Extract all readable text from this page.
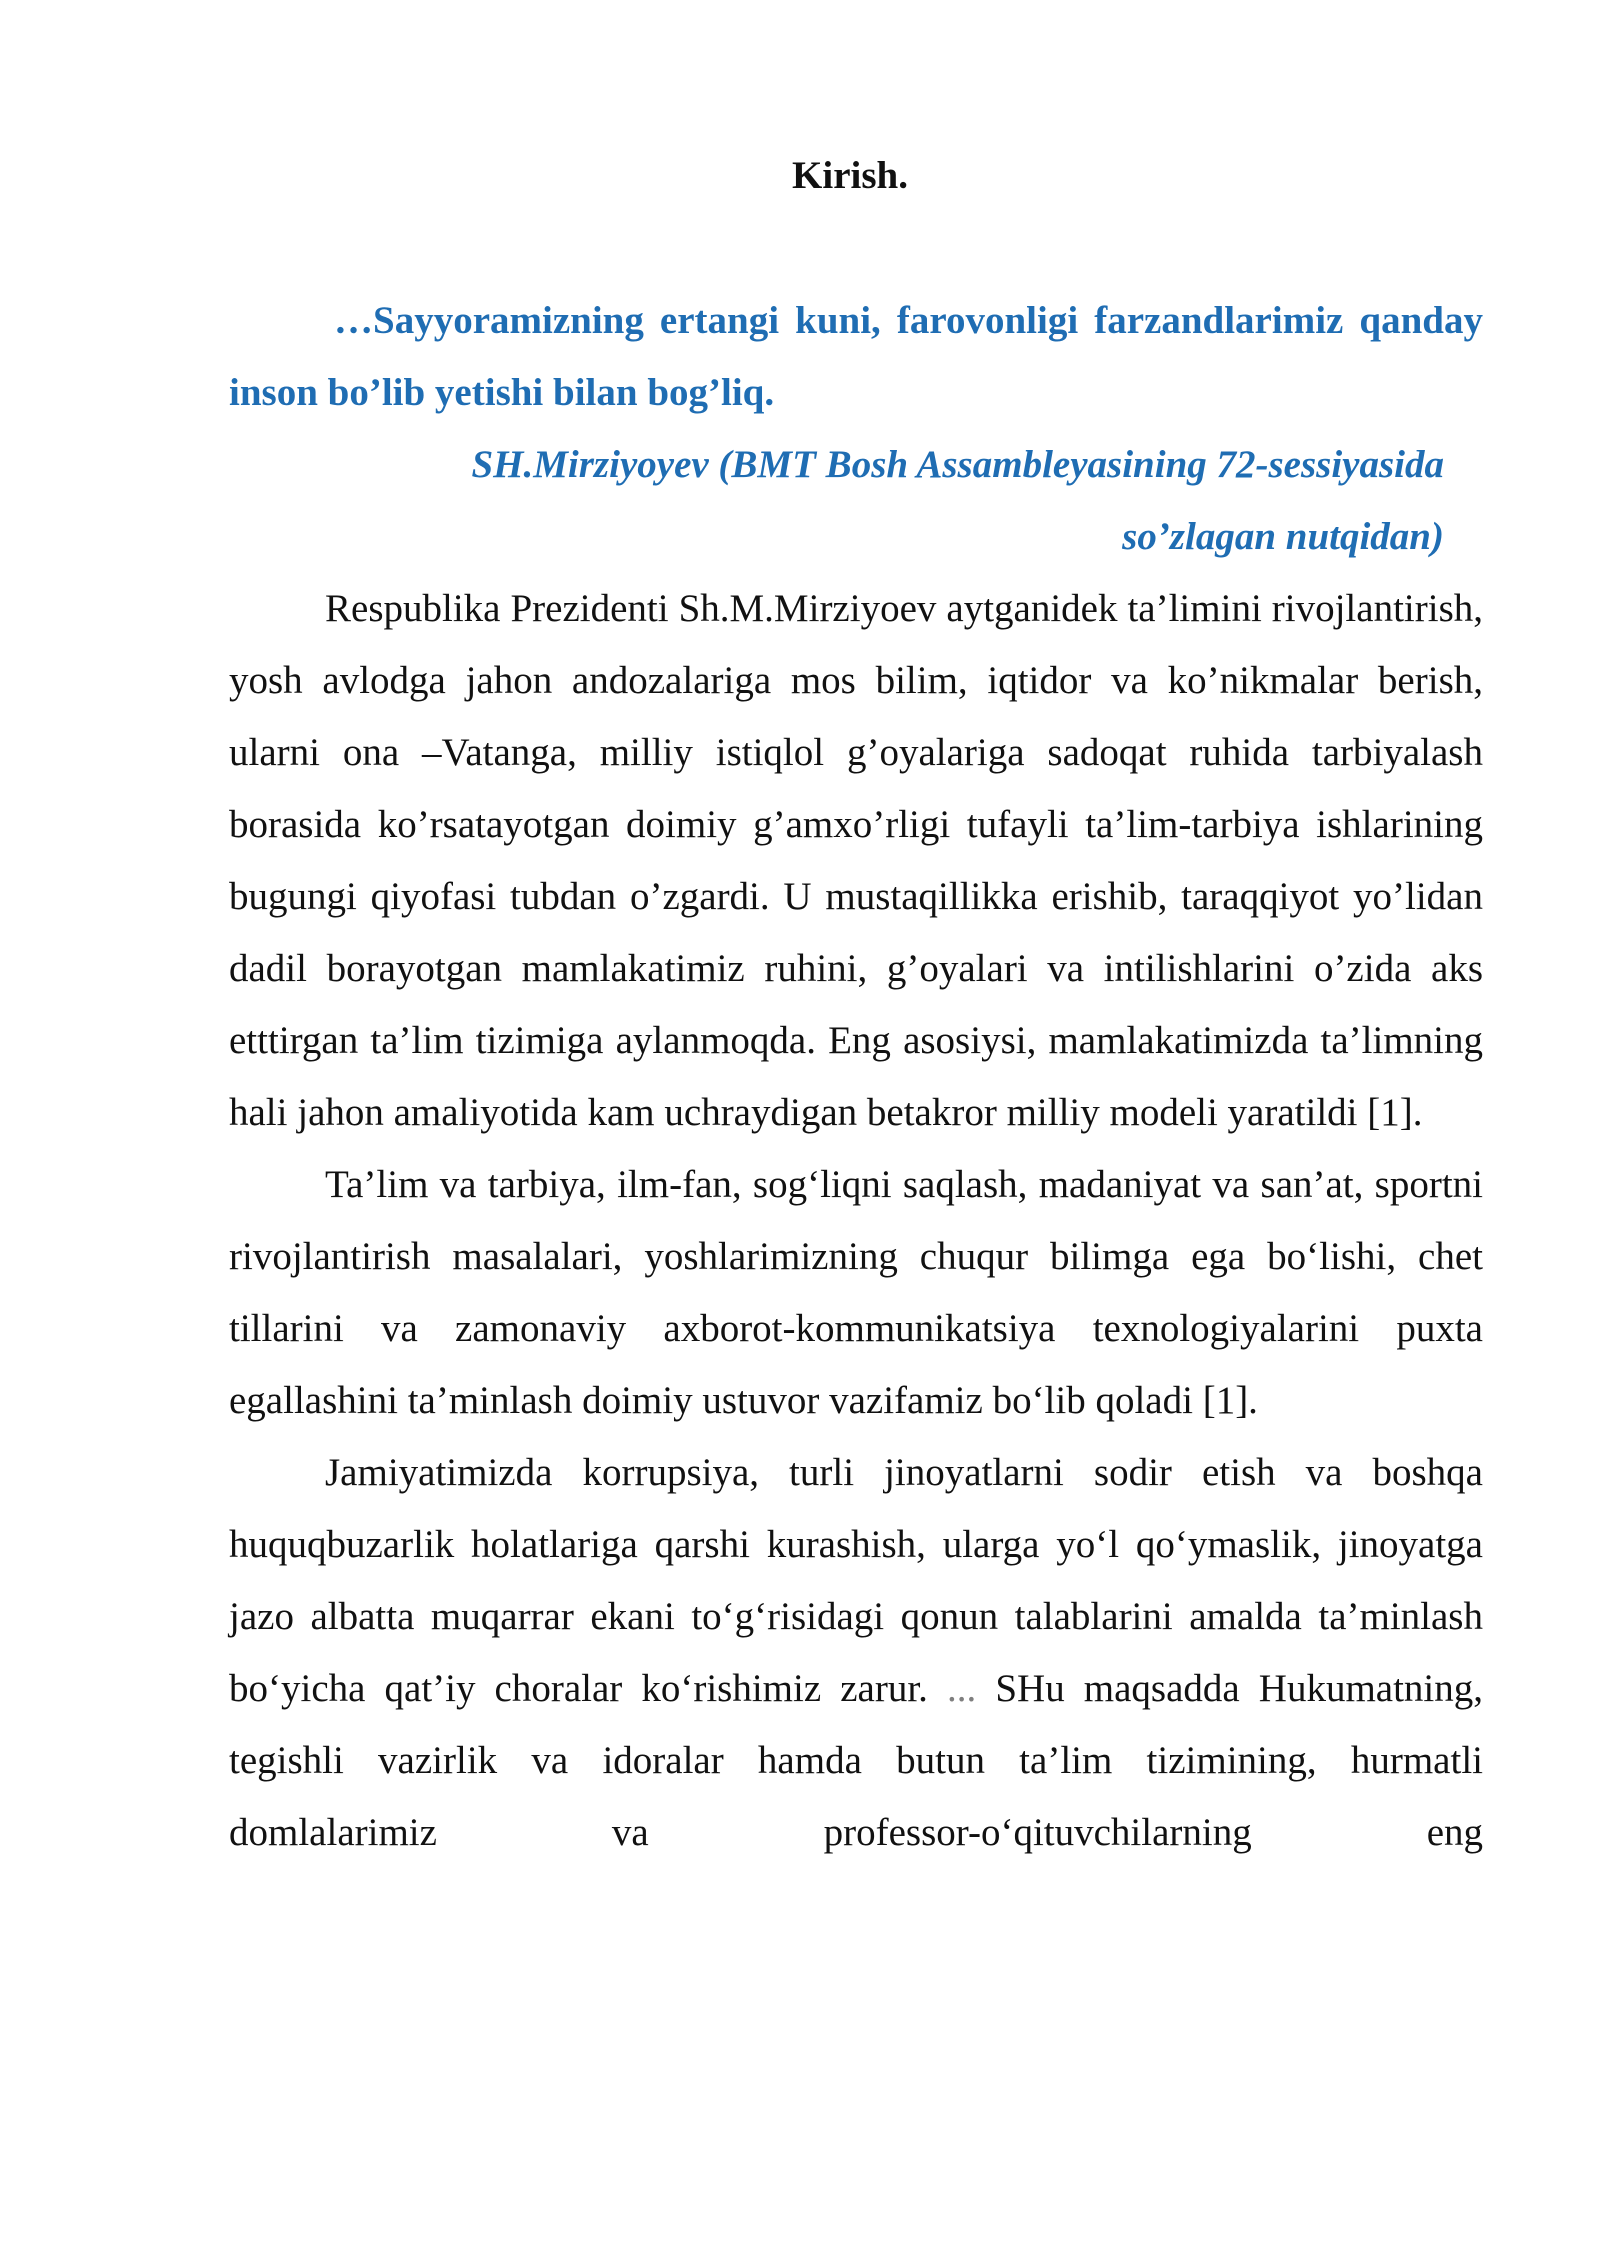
Kirish.
…Sayyoramizning ertangi kuni, farovonligi farzandlarimiz qanday inson bo’lib yetishi bilan bog’liq.
SH.Mirziyoyev (BMT Bosh Assambleyasining 72-sessiyasida
so’zlagan nutqidan)

Respublika Prezidenti Sh.M.Mirziyoev aytganidek ta’limini rivojlantirish, yosh avlodga jahon andozalariga mos bilim, iqtidor va ko’nikmalar berish, ularni ona –Vatanga, milliy istiqlol g’oyalariga sadoqat ruhida tarbiyalash borasida ko’rsatayotgan doimiy g’amxo’rligi tufayli ta’lim-tarbiya ishlarining bugungi qiyofasi tubdan o’zgardi. U mustaqillikka erishib, taraqqiyot yo’lidan dadil borayotgan mamlakatimiz ruhini, g’oyalari va intilishlarini o’zida aks etttirgan ta’lim tizimiga aylanmoqda. Eng asosiysi, mamlakatimizda ta’limning hali jahon amaliyotida kam uchraydigan betakror milliy modeli yaratildi [1].

Ta’lim va tarbiya, ilm-fan, sog‘liqni saqlash, madaniyat va san’at, sportni rivojlantirish masalalari, yoshlarimizning chuqur bilimga ega bo‘lishi, chet tillarini va zamonaviy axborot-kommunikatsiya texnologiyalarini puxta egallashini ta’minlash doimiy ustuvor vazifamiz bo‘lib qoladi [1].

Jamiyatimizda korrupsiya, turli jinoyatlarni sodir etish va boshqa huquqbuzarlik holatlariga qarshi kurashish, ularga yo‘l qo‘ymaslik, jinoyatga jazo albatta muqarrar ekani to‘g‘risidagi qonun talablarini amalda ta’minlash bo‘yicha qat’iy choralar ko‘rishimiz zarur. ... SHu maqsadda Hukumatning, tegishli vazirlik va idoralar hamda butun ta’lim tizimining, hurmatli domlalarimiz va professor-o‘qituvchilarning eng
